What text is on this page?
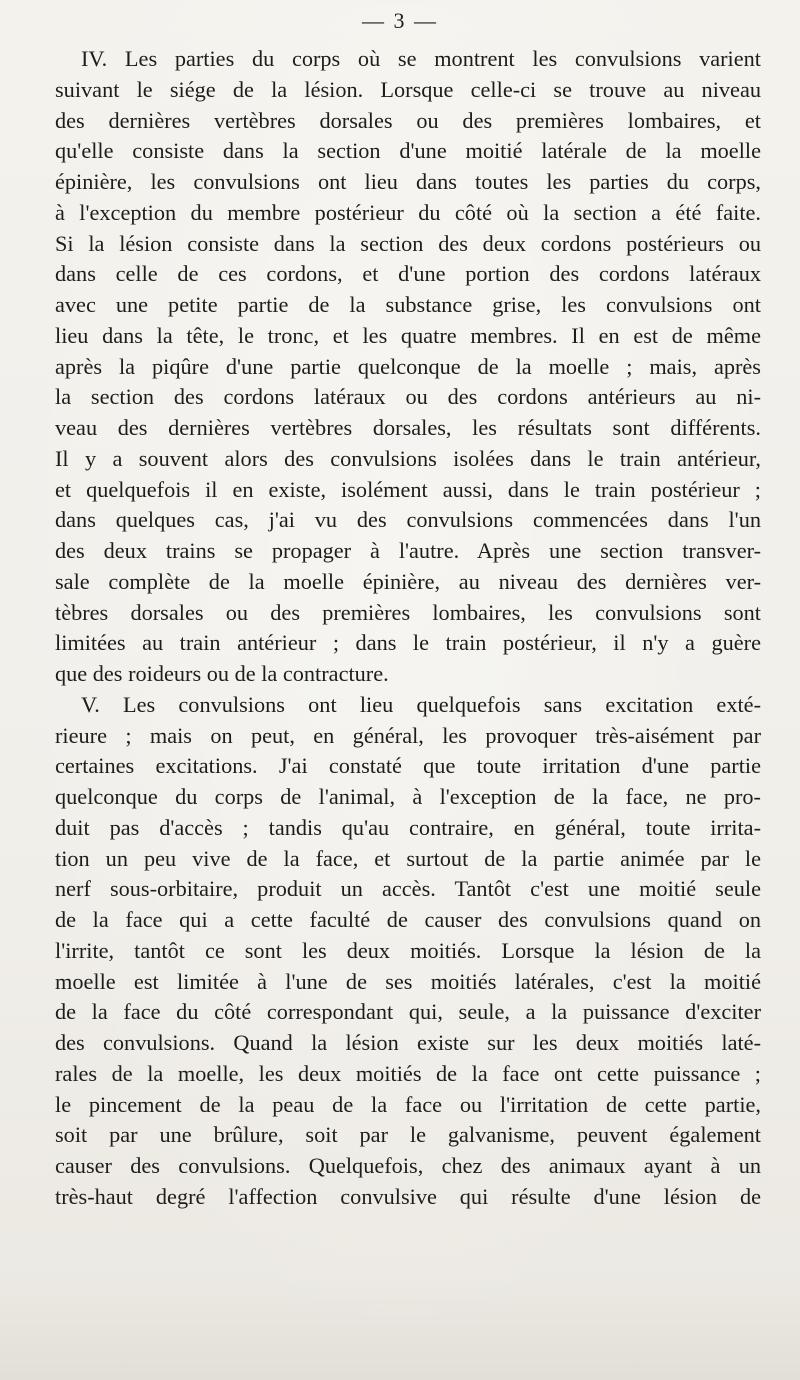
— 3 —
IV. Les parties du corps où se montrent les convulsions varient
suivant le siége de la lésion. Lorsque celle-ci se trouve au niveau
des dernières vertèbres dorsales ou des premières lombaires, et
qu'elle consiste dans la section d'une moitié latérale de la moelle
épinière, les convulsions ont lieu dans toutes les parties du corps,
à l'exception du membre postérieur du côté où la section a été faite.
Si la lésion consiste dans la section des deux cordons postérieurs ou
dans celle de ces cordons, et d'une portion des cordons latéraux
avec une petite partie de la substance grise, les convulsions ont
lieu dans la tête, le tronc, et les quatre membres. Il en est de même
après la piqûre d'une partie quelconque de la moelle ; mais, après
la section des cordons latéraux ou des cordons antérieurs au ni-
veau des dernières vertèbres dorsales, les résultats sont différents.
Il y a souvent alors des convulsions isolées dans le train antérieur,
et quelquefois il en existe, isolément aussi, dans le train postérieur ;
dans quelques cas, j'ai vu des convulsions commencées dans l'un
des deux trains se propager à l'autre. Après une section transver-
sale complète de la moelle épinière, au niveau des dernières ver-
tèbres dorsales ou des premières lombaires, les convulsions sont
limitées au train antérieur ; dans le train postérieur, il n'y a guère
que des roideurs ou de la contracture.
V. Les convulsions ont lieu quelquefois sans excitation exté-
rieure ; mais on peut, en général, les provoquer très-aisément par
certaines excitations. J'ai constaté que toute irritation d'une partie
quelconque du corps de l'animal, à l'exception de la face, ne pro-
duit pas d'accès ; tandis qu'au contraire, en général, toute irrita-
tion un peu vive de la face, et surtout de la partie animée par le
nerf sous-orbitaire, produit un accès. Tantôt c'est une moitié seule
de la face qui a cette faculté de causer des convulsions quand on
l'irrite, tantôt ce sont les deux moitiés. Lorsque la lésion de la
moelle est limitée à l'une de ses moitiés latérales, c'est la moitié
de la face du côté correspondant qui, seule, a la puissance d'exciter
des convulsions. Quand la lésion existe sur les deux moitiés laté-
rales de la moelle, les deux moitiés de la face ont cette puissance ;
le pincement de la peau de la face ou l'irritation de cette partie,
soit par une brûlure, soit par le galvanisme, peuvent également
causer des convulsions. Quelquefois, chez des animaux ayant à un
très-haut degré l'affection convulsive qui résulte d'une lésion de
